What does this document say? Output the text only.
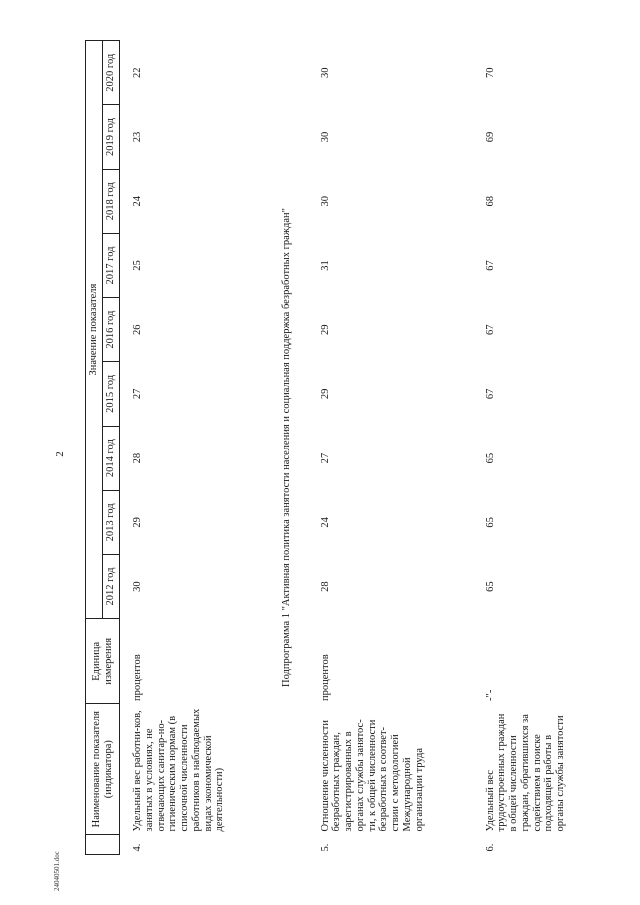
2
	Наименование показателя (индикатора)	Единица измерения	Значение показателя								
			2012 год	2013 год	2014 год	2015 год	2016 год	2017 год	2018 год	2019 год	2020 год
4.	Удельный вес работни-ков, занятых в условиях, не отвечающих санитар-но-гигиеническим нормам (в списочной численности работников в наблюдаемых видах экономической деятельности)	процентов	30	29	28	27	26	25	24	23	22
Подпрограмма 1 "Активная политика занятости населения и социальная поддержка безработных граждан"											
5.	Отношение численности безработных граждан, зарегистрированных в органах службы занятос-ти, к общей численности безработных в соответ-ствии с методологией Международной организации труда	процентов	28	24	27	29	29	31	30	30	30
6.	Удельный вес трудоустроенных граждан в общей численности граждан, обратившихся за содействием в поиске подходящей работы в органы службы занятости	-"-	65	65	65	67	67	67	68	69	70
24040501.doc
